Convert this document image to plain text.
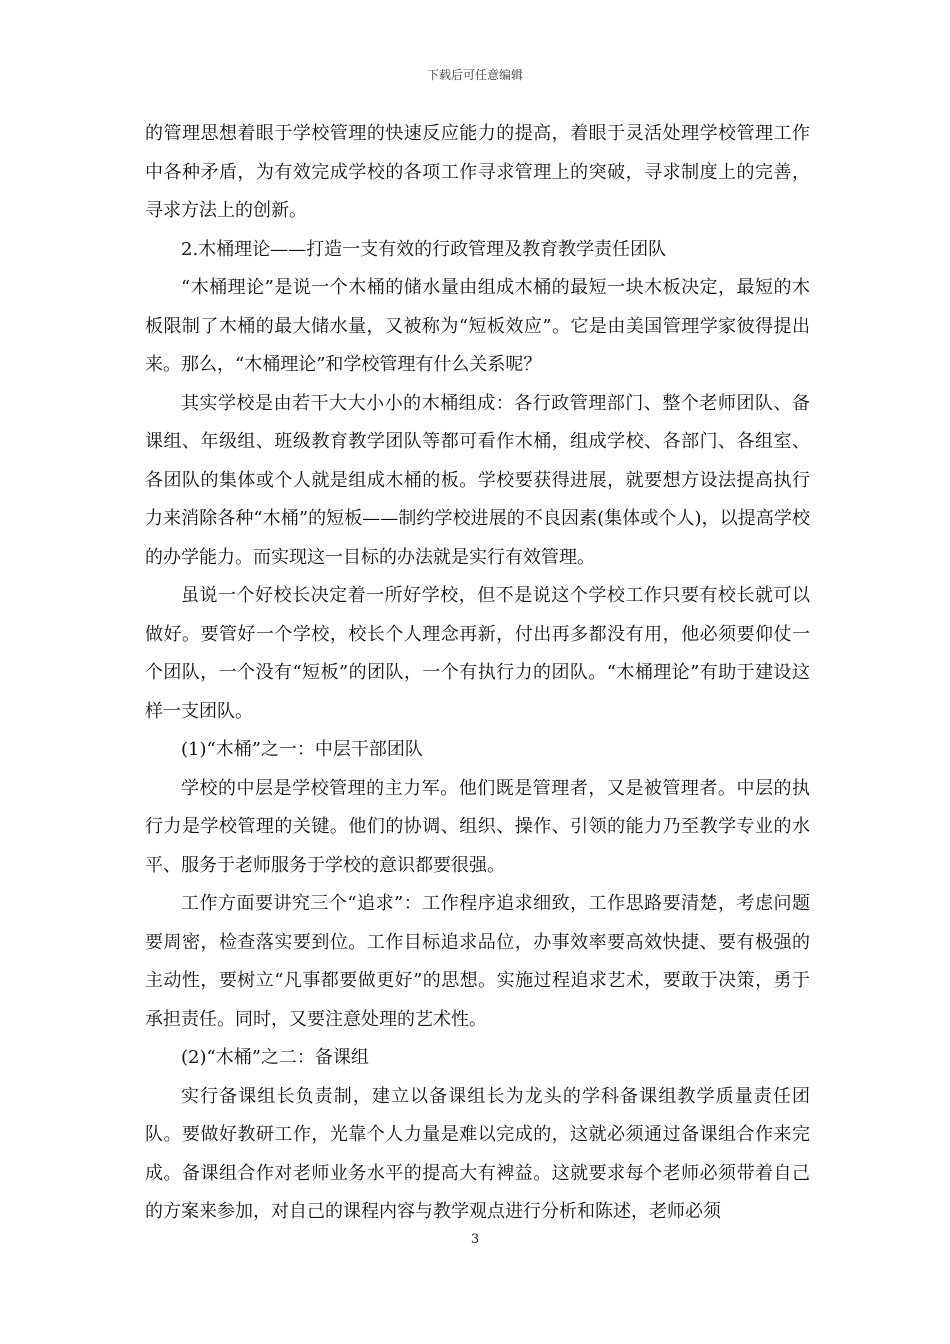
下载后可任意编辑

的管理思想着眼于学校管理的快速反应能力的提高，着眼于灵活处理学校管理工作中各种矛盾，为有效完成学校的各项工作寻求管理上的突破，寻求制度上的完善，寻求方法上的创新。

2.木桶理论——打造一支有效的行政管理及教育教学责任团队

“木桶理论”是说一个木桶的储水量由组成木桶的最短一块木板决定，最短的木板限制了木桶的最大储水量，又被称为“短板效应”。它是由美国管理学家彼得提出来。那么，“木桶理论”和学校管理有什么关系呢？

其实学校是由若干大大小小的木桶组成：各行政管理部门、整个老师团队、备课组、年级组、班级教育教学团队等都可看作木桶，组成学校、各部门、各组室、各团队的集体或个人就是组成木桶的板。学校要获得进展，就要想方设法提高执行力来消除各种“木桶”的短板——制约学校进展的不良因素(集体或个人)，以提高学校的办学能力。而实现这一目标的办法就是实行有效管理。

虽说一个好校长决定着一所好学校，但不是说这个学校工作只要有校长就可以做好。要管好一个学校，校长个人理念再新，付出再多都没有用，他必须要仰仗一个团队，一个没有“短板”的团队，一个有执行力的团队。“木桶理论”有助于建设这样一支团队。

(1)“木桶”之一：中层干部团队

学校的中层是学校管理的主力军。他们既是管理者，又是被管理者。中层的执行力是学校管理的关键。他们的协调、组织、操作、引领的能力乃至教学专业的水平、服务于老师服务于学校的意识都要很强。

工作方面要讲究三个“追求”：工作程序追求细致，工作思路要清楚，考虑问题要周密，检查落实要到位。工作目标追求品位，办事效率要高效快捷、要有极强的主动性，要树立“凡事都要做更好”的思想。实施过程追求艺术，要敢于决策，勇于承担责任。同时，又要注意处理的艺术性。

(2)“木桶”之二：备课组

实行备课组长负责制，建立以备课组长为龙头的学科备课组教学质量责任团队。要做好教研工作，光靠个人力量是难以完成的，这就必须通过备课组合作来完成。备课组合作对老师业务水平的提高大有裨益。这就要求每个老师必须带着自己的方案来参加，对自己的课程内容与教学观点进行分析和陈述，老师必须

3
